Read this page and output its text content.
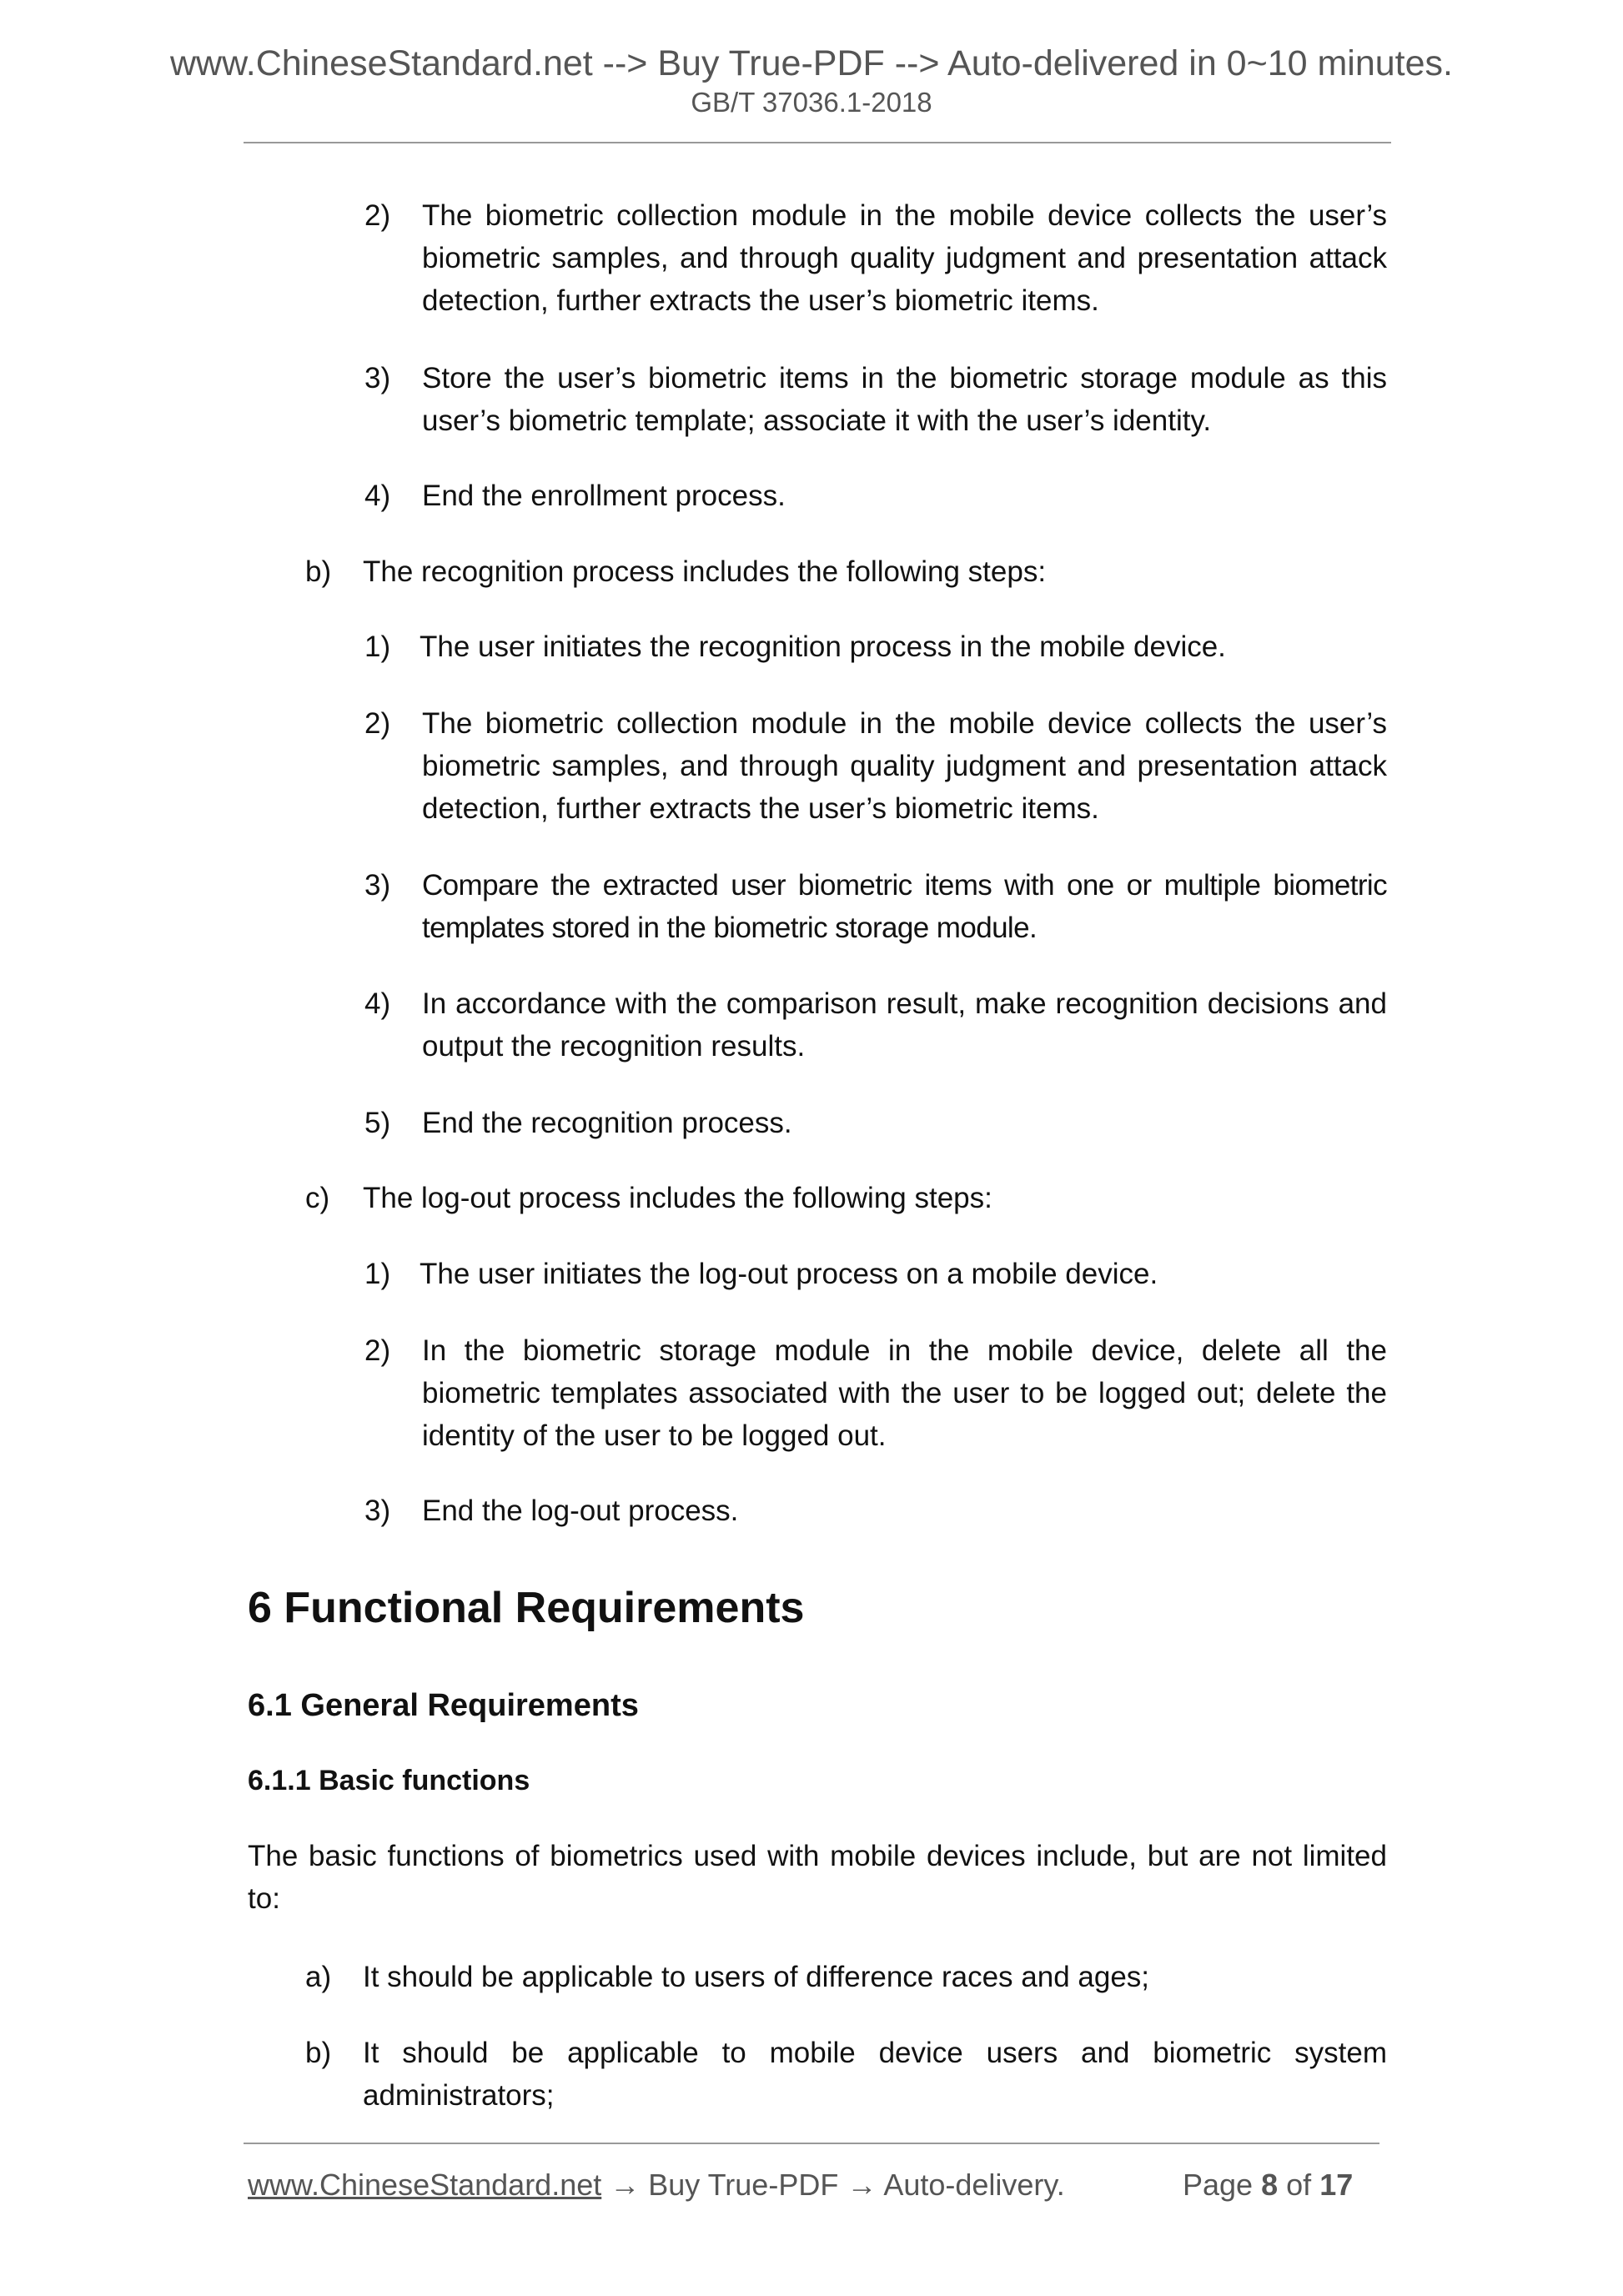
www.ChineseStandard.net --> Buy True-PDF --> Auto-delivered in 0~10 minutes.
GB/T 37036.1-2018
2) The biometric collection module in the mobile device collects the user’s biometric samples, and through quality judgment and presentation attack detection, further extracts the user’s biometric items.
3) Store the user’s biometric items in the biometric storage module as this user’s biometric template; associate it with the user’s identity.
4) End the enrollment process.
b) The recognition process includes the following steps:
1) The user initiates the recognition process in the mobile device.
2) The biometric collection module in the mobile device collects the user’s biometric samples, and through quality judgment and presentation attack detection, further extracts the user’s biometric items.
3) Compare the extracted user biometric items with one or multiple biometric templates stored in the biometric storage module.
4) In accordance with the comparison result, make recognition decisions and output the recognition results.
5) End the recognition process.
c) The log-out process includes the following steps:
1) The user initiates the log-out process on a mobile device.
2) In the biometric storage module in the mobile device, delete all the biometric templates associated with the user to be logged out; delete the identity of the user to be logged out.
3) End the log-out process.
6 Functional Requirements
6.1 General Requirements
6.1.1 Basic functions
The basic functions of biometrics used with mobile devices include, but are not limited to:
a) It should be applicable to users of difference races and ages;
b) It should be applicable to mobile device users and biometric system administrators;
www.ChineseStandard.net → Buy True-PDF → Auto-delivery.	Page 8 of 17
